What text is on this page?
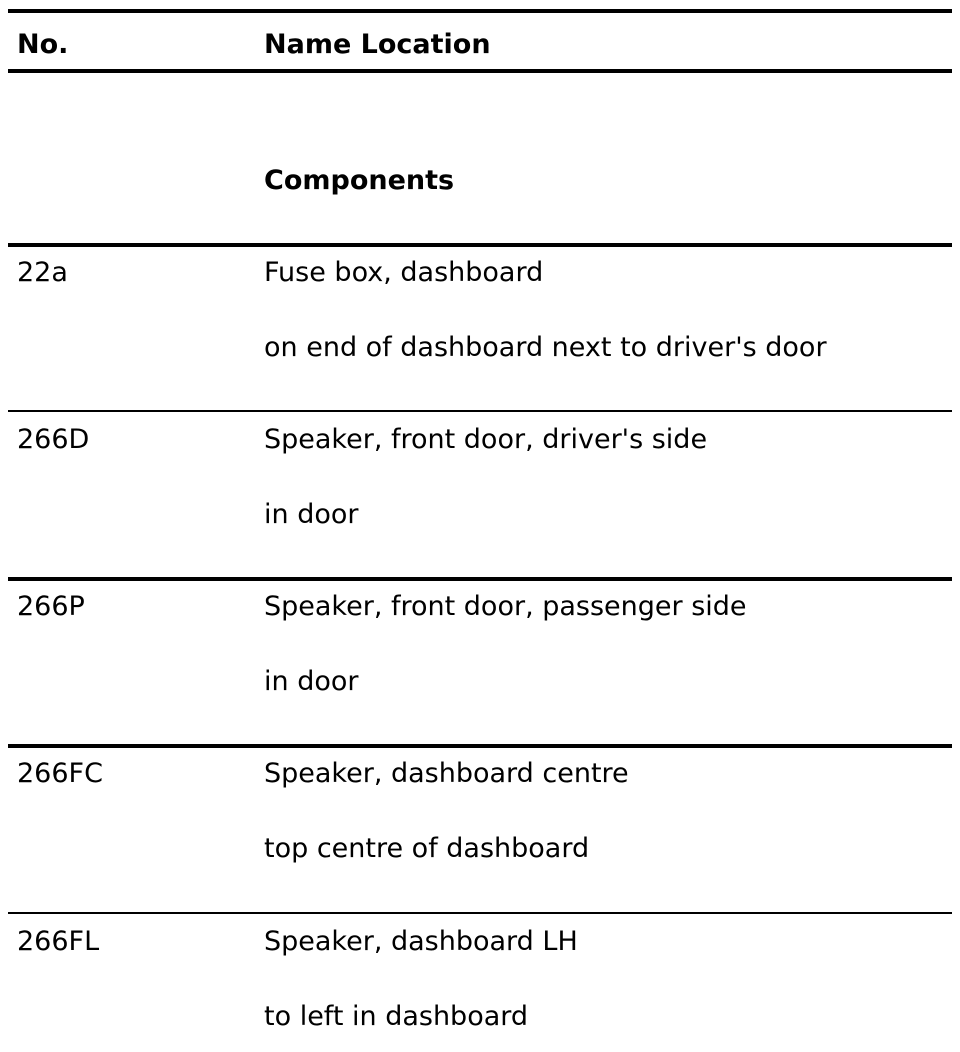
No.	Name Location
Components
22a	Fuse box, dashboard
on end of dashboard next to driver's door
266D	Speaker, front door, driver's side
in door
266P	Speaker, front door, passenger side
in door
266FC	Speaker, dashboard centre
top centre of dashboard
266FL	Speaker, dashboard LH
to left in dashboard
